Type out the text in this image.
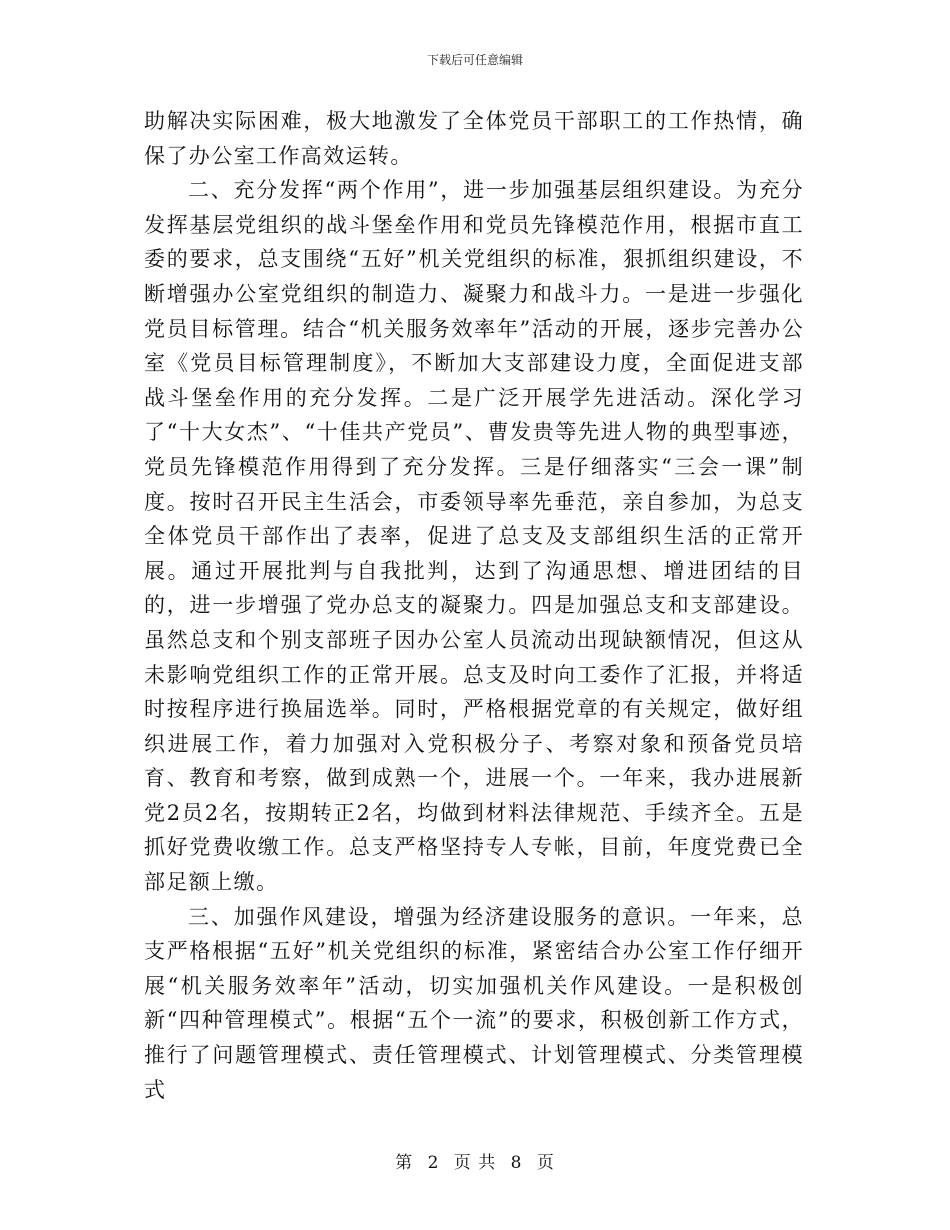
下载后可任意编辑

助解决实际困难，极大地激发了全体党员干部职工的工作热情，确保了办公室工作高效运转。

二、充分发挥“两个作用”，进一步加强基层组织建设。为充分发挥基层党组织的战斗堡垒作用和党员先锋模范作用，根据市直工委的要求，总支围绕“五好”机关党组织的标准，狠抓组织建设，不断增强办公室党组织的制造力、凝聚力和战斗力。一是进一步强化党员目标管理。结合“机关服务效率年”活动的开展，逐步完善办公室《党员目标管理制度》，不断加大支部建设力度，全面促进支部战斗堡垒作用的充分发挥。二是广泛开展学先进活动。深化学习了“十大女杰”、“十佳共产党员”、曹发贵等先进人物的典型事迹，党员先锋模范作用得到了充分发挥。三是仔细落实“三会一课”制度。按时召开民主生活会，市委领导率先垂范，亲自参加，为总支全体党员干部作出了表率，促进了总支及支部组织生活的正常开展。通过开展批判与自我批判，达到了沟通思想、增进团结的目的，进一步增强了党办总支的凝聚力。四是加强总支和支部建设。虽然总支和个别支部班子因办公室人员流动出现缺额情况，但这从未影响党组织工作的正常开展。总支及时向工委作了汇报，并将适时按程序进行换届选举。同时，严格根据党章的有关规定，做好组织进展工作，着力加强对入党积极分子、考察对象和预备党员培育、教育和考察，做到成熟一个，进展一个。一年来，我办进展新党2员2名，按期转正2名，均做到材料法律规范、手续齐全。五是抓好党费收缴工作。总支严格坚持专人专帐，目前，年度党费已全部足额上缴。

三、加强作风建设，增强为经济建设服务的意识。一年来，总支严格根据“五好”机关党组织的标准，紧密结合办公室工作仔细开展“机关服务效率年”活动，切实加强机关作风建设。一是积极创新“四种管理模式”。根据“五个一流”的要求，积极创新工作方式，推行了问题管理模式、责任管理模式、计划管理模式、分类管理模式

第 2 页 共 8 页
